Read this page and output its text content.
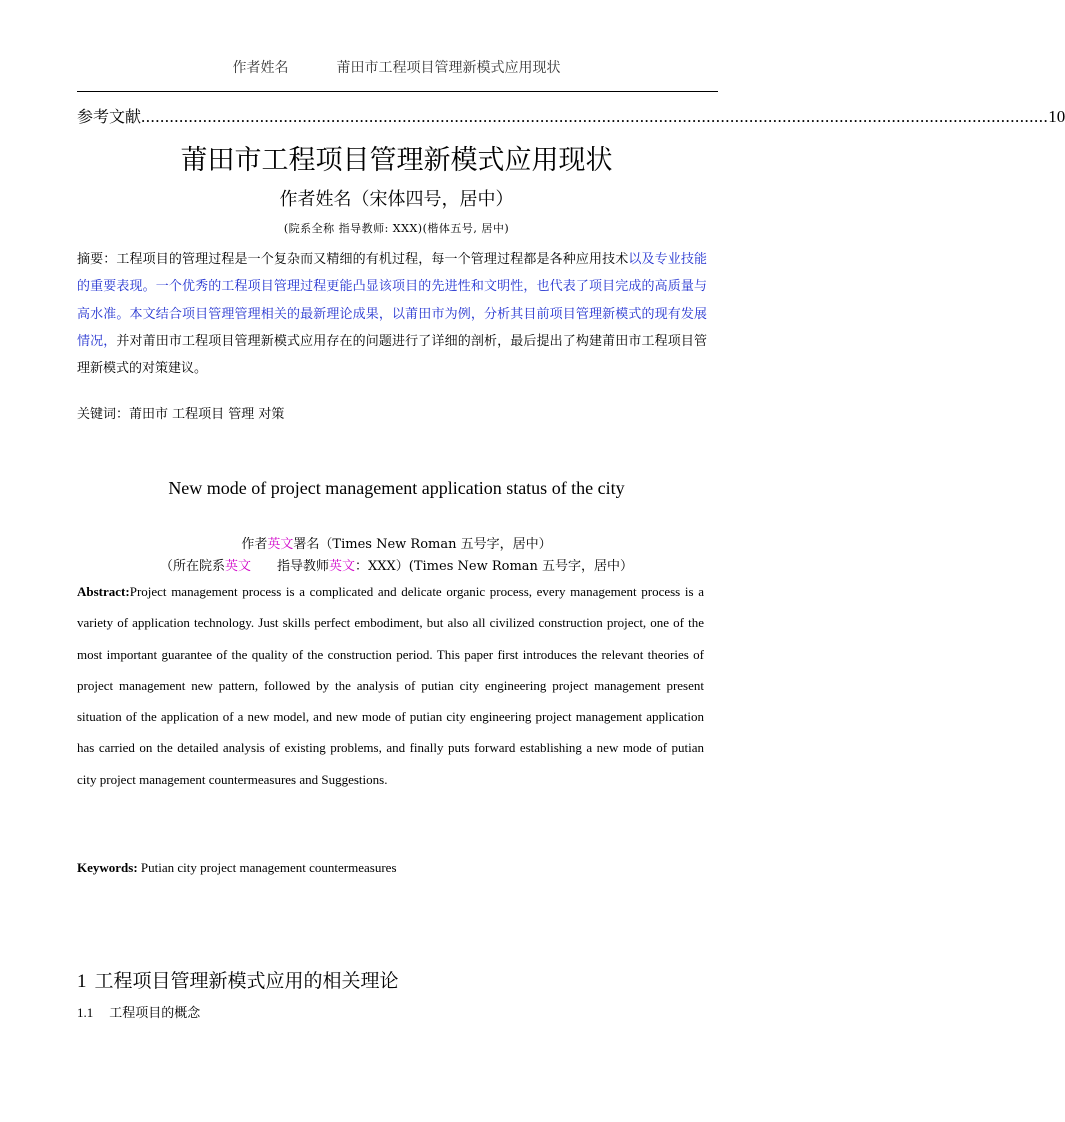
作者姓名	莆田市工程项目管理新模式应用现状
参考文献 ............................................................................................................................................................................................... 10
莆田市工程项目管理新模式应用现状
作者姓名（宋体四号，居中）
(院系全称 指导教师: XXX)(楷体五号, 居中)
摘要：工程项目的管理过程是一个复杂而又精细的有机过程，每一个管理过程都是各种应用技术以及专业技能的重要表现。一个优秀的工程项目管理过程更能凸显该项目的先进性和文明性，也代表了项目完成的高质量与高水准。本文结合项目管理管理相关的最新理论成果，以莆田市为例，分析其目前项目管理新模式的现有发展情况，并对莆田市工程项目管理新模式应用存在的问题进行了详细的剖析，最后提出了构建莆田市工程项目管理新模式的对策建议。
关键词：莆田市 工程项目 管理 对策
New mode of project management application status of the city
作者英文署名（Times New Roman 五号字，居中）
（所在院系英文 指导教师英文：XXX）(Times New Roman 五号字，居中）
Abstract:Project management process is a complicated and delicate organic process, every management process is a variety of application technology. Just skills perfect embodiment, but also all civilized construction project, one of the most important guarantee of the quality of the construction period. This paper first introduces the relevant theories of project management new pattern, followed by the analysis of putian city engineering project management present situation of the application of a new model, and new mode of putian city engineering project management application has carried on the detailed analysis of existing problems, and finally puts forward establishing a new mode of putian city project management countermeasures and Suggestions.
Keywords: Putian city project management countermeasures
1 工程项目管理新模式应用的相关理论
1.1 工程项目的概念
